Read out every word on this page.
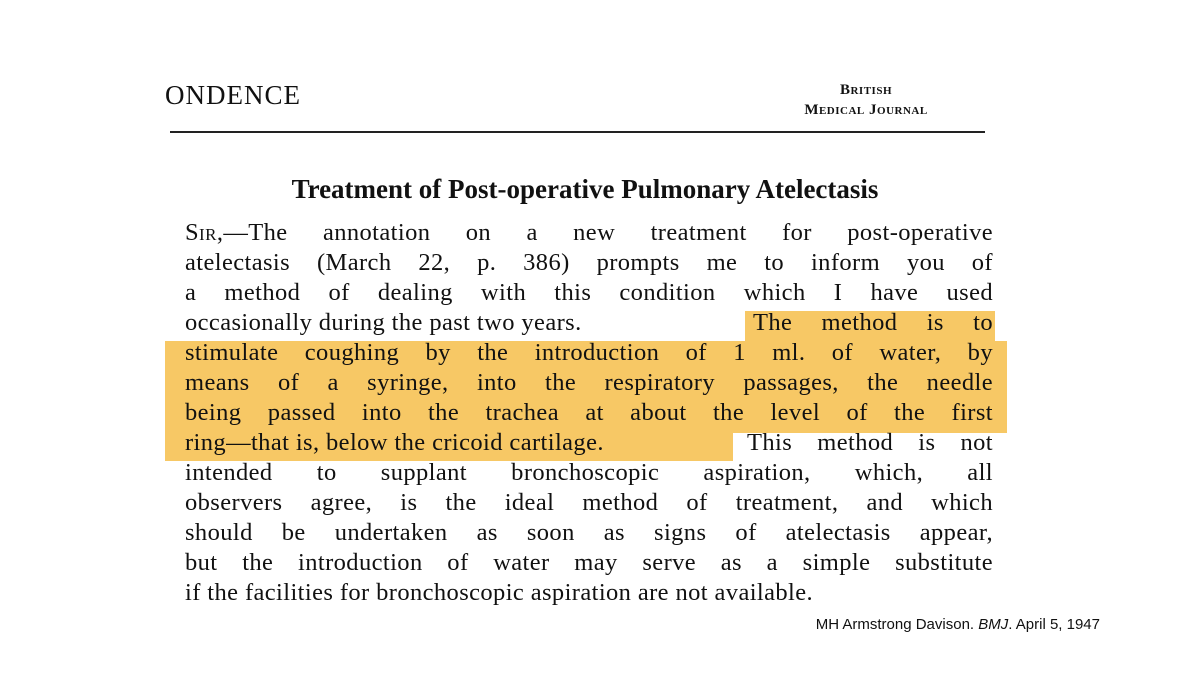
ONDENCE	British
Medical Journal
Treatment of Post-operative Pulmonary Atelectasis
Sir,—The annotation on a new treatment for post-operative
atelectasis (March 22, p. 386) prompts me to inform you of
a method of dealing with this condition which I have used
occasionally during the past two years.	The method is to
stimulate coughing by the introduction of 1 ml. of water, by
means of a syringe, into the respiratory passages, the needle
being passed into the trachea at about the level of the first
ring—that is, below the cricoid cartilage.	This method is not
intended to supplant bronchoscopic aspiration, which, all
observers agree, is the ideal method of treatment, and which
should be undertaken as soon as signs of atelectasis appear,
but the introduction of water may serve as a simple substitute
if the facilities for bronchoscopic aspiration are not available.
MH Armstrong Davison. BMJ. April 5, 1947
